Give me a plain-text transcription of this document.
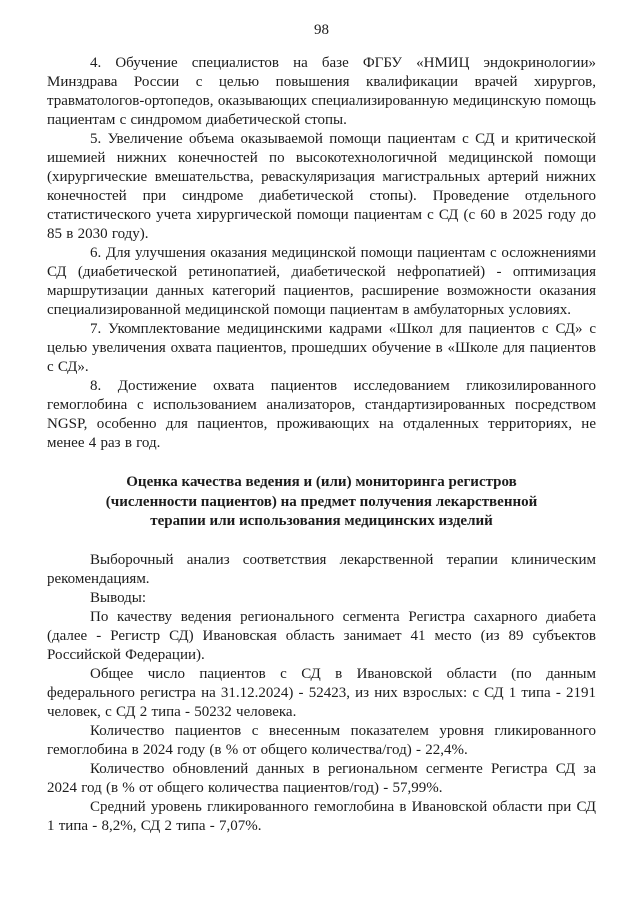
98

4. Обучение специалистов на базе ФГБУ «НМИЦ эндокринологии» Минздрава России с целью повышения квалификации врачей хирургов, травматологов-ортопедов, оказывающих специализированную медицинскую помощь пациентам с синдромом диабетической стопы.

5. Увеличение объема оказываемой помощи пациентам с СД и критической ишемией нижних конечностей по высокотехнологичной медицинской помощи (хирургические вмешательства, реваскуляризация магистральных артерий нижних конечностей при синдроме диабетической стопы). Проведение отдельного статистического учета хирургической помощи пациентам с СД (с 60 в 2025 году до 85 в 2030 году).

6. Для улучшения оказания медицинской помощи пациентам с осложнениями СД (диабетической ретинопатией, диабетической нефропатией) - оптимизация маршрутизации данных категорий пациентов, расширение возможности оказания специализированной медицинской помощи пациентам в амбулаторных условиях.

7. Укомплектование медицинскими кадрами «Школ для пациентов с СД» с целью увеличения охвата пациентов, прошедших обучение в «Школе для пациентов с СД».

8. Достижение охвата пациентов исследованием гликозилированного гемоглобина с использованием анализаторов, стандартизированных посредством NGSP, особенно для пациентов, проживающих на отдаленных территориях, не менее 4 раз в год.

Оценка качества ведения и (или) мониторинга регистров
(численности пациентов) на предмет получения лекарственной
терапии или использования медицинских изделий

Выборочный анализ соответствия лекарственной терапии клиническим рекомендациям.

Выводы:

По качеству ведения регионального сегмента Регистра сахарного диабета (далее - Регистр СД) Ивановская область занимает 41 место (из 89 субъектов Российской Федерации).

Общее число пациентов с СД в Ивановской области (по данным федерального регистра на 31.12.2024) - 52423, из них взрослых: с СД 1 типа - 2191 человек, с СД 2 типа - 50232 человека.

Количество пациентов с внесенным показателем уровня гликированного гемоглобина в 2024 году (в % от общего количества/год) - 22,4%.

Количество обновлений данных в региональном сегменте Регистра СД за 2024 год (в % от общего количества пациентов/год) - 57,99%.

Средний уровень гликированного гемоглобина в Ивановской области при СД 1 типа - 8,2%, СД 2 типа - 7,07%.
